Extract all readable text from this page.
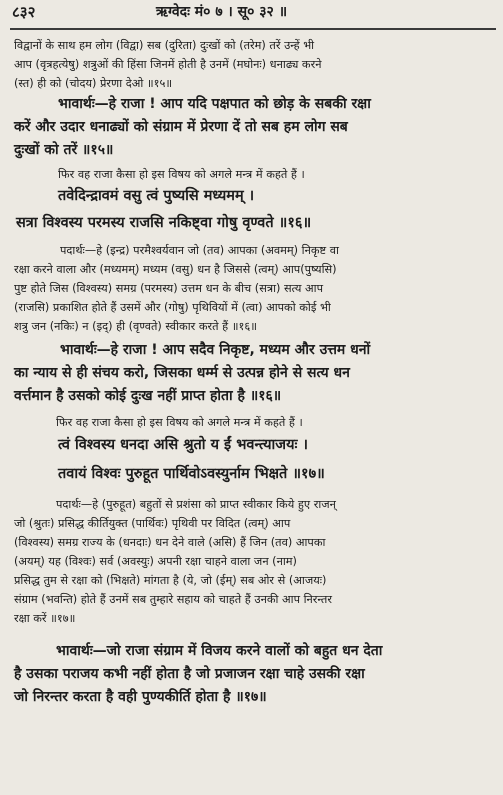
८३२	ऋग्वेदः मं० ७ । सू० ३२ ॥
विद्वानों के साथ हम लोग (विद्वा) सब (दुरिता) दुःखों को (तरेम) तरें उन्हें भी
आप (वृत्रहत्येषु) शत्रुओं की हिंसा जिनमें होती है उनमें (मघोनः) धनाढ्य करने
(स्त) ही को (चोदय) प्रेरणा देओ ॥१५॥
भावार्थः—हे राजा ! आप यदि पक्षपात को छोड़ के सबकी रक्षा
करें और उदार धनाढ्यों को संग्राम में प्रेरणा दें तो सब हम लोग सब
दुःखों को तरें ॥१५॥
फिर वह राजा कैसा हो इस विषय को अगले मन्त्र में कहते हैं ।
तवेदिन्द्रावमं वसु त्वं पुष्यसि मध्यमम् ।
सत्रा विश्वस्य परमस्य राजसि नकिष्ट्वा गोषु वृण्वते ॥१६॥
पदार्थः—हे (इन्द्र) परमैश्वर्यवान जो (तव) आपका (अवमम्) निकृष्ट वा
रक्षा करने वाला और (मध्यमम्) मध्यम (वसु) धन है जिससे (त्वम्) आप(पुष्यसि)
पुष्ट होते जिस (विश्वस्य) समग्र (परमस्य) उत्तम धन के बीच (सत्रा) सत्य आप
(राजसि) प्रकाशित होते हैं उसमें और (गोषु) पृथिवियों में (त्वा) आपको कोई भी
शत्रु जन (नकिः) न (इद्) ही (वृण्वते) स्वीकार करते हैं ॥१६॥
भावार्थः—हे राजा ! आप सदैव निकृष्ट, मध्यम और उत्तम धनों
का न्याय से ही संचय करो, जिसका धर्म्म से उत्पन्न होने से सत्य धन
वर्त्तमान है उसको कोई दुःख नहीं प्राप्त होता है ॥१६॥
फिर वह राजा कैसा हो इस विषय को अगले मन्त्र में कहते हैं ।
त्वं विश्वस्य धनदा असि श्रुतो य ईं भवन्त्याजयः ।
तवायं विश्वः पुरुहूत पार्थिवोऽवस्युर्नाम भिक्षते ॥१७॥
पदार्थः—हे (पुरुहूत) बहुतों से प्रशंसा को प्राप्त स्वीकार किये हुए राजन्
जो (श्रुतः) प्रसिद्ध कीर्तियुक्त (पार्थिवः) पृथिवी पर विदित (त्वम्) आप
(विश्वस्य) समग्र राज्य के (धनदाः) धन देने वाले (असि) हैं जिन (तव) आपका
(अयम्) यह (विश्वः) सर्व (अवस्युः) अपनी रक्षा चाहने वाला जन (नाम)
प्रसिद्ध तुम से रक्षा को (भिक्षते) मांगता है (ये, जो (ईम्) सब ओर से (आजयः)
संग्राम (भवन्ति) होते हैं उनमें सब तुम्हारे सहाय को चाहते हैं उनकी आप निरन्तर
रक्षा करें ॥१७॥
भावार्थः—जो राजा संग्राम में विजय करने वालों को बहुत धन देता
है उसका पराजय कभी नहीं होता है जो प्रजाजन रक्षा चाहे उसकी रक्षा
जो निरन्तर करता है वही पुण्यकीर्ति होता है ॥१७॥
